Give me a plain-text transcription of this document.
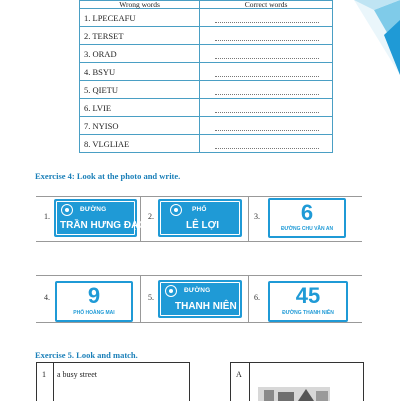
Wrong words	Correct words
1. LPECEAFU	

2. TERSET	

3. ORAD	

4. BSYU	

5. QIETU	

6. LVIE	

7. NYISO	

8. VLGLIAE	
Exercise 4: Look at the photo and write.
1.
ĐƯỜNG
TRẦN HƯNG ĐẠO
2.
PHỐ
LÊ LỢI
3.	6
ĐƯỜNG CHU VĂN AN
4.	9
PHỐ HOÀNG MAI
5.
ĐƯỜNG
THANH NIÊN
6.	45
ĐƯỜNG THANH NIÊN
Exercise 5. Look and match.
1 a busy street	A
